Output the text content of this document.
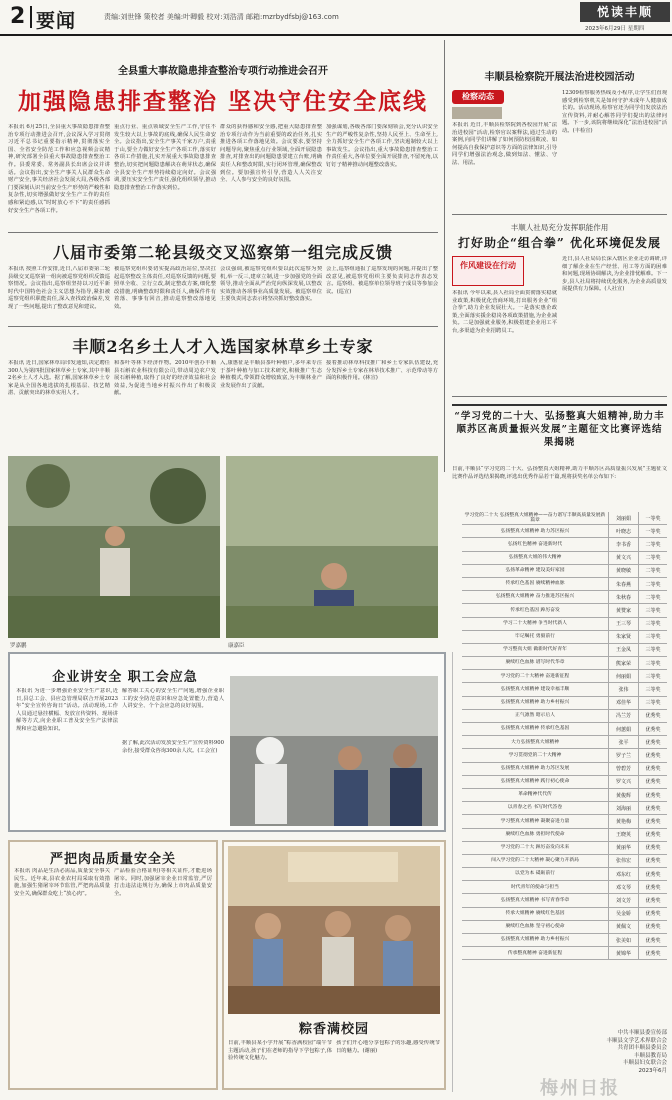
2 要闻	责编:刘世锋 策校者 美编:叶卿毅 校对:刘浩清 邮箱:mzrbydfsbj@163.com	悦读丰顺
2023年6月29日 星期四
全县重大事故隐患排查整治专项行动推进会召开
加强隐患排查整治 坚决守住安全底线
本报讯 6月25日,全县重大事故隐患排查整治专项行动推进会召开,会议深入学习贯彻习近平总书记重要指示精神,贯彻落实全国、全省安全防范工作和应急视频会议精神,研究部署全县重大事故隐患排查整治工作。县委常委、常务副县长出席会议并讲话。会议指出,安全生产事关人民群众生命财产安全,事关经济社会发展大局,各级各部门要深刻认识当前安全生产形势的严峻性和复杂性,切实增强做好安全生产工作的责任感和紧迫感,以“时时放心不下”的责任感抓好安全生产各项工作。
重点行业、重点领域安全生产工作,守住不发生较大以上事故的底线,确保人民生命安全。会议指出,安全生产事关千家万户,责重于山,要全力做好安全生产各项工作,落实好各项工作措施,扎实开展重大事故隐患排查整治,切实把问题隐患解决在萌芽状态,确保全县安全生产形势持续稳定向好。会议强调,要压实安全生产责任,强化组织领导,推动隐患排查整治工作落实到位。
群众的获得感和安全感,把重大隐患排查整治专项行动作为当前重要的政治任务,扎实推进各项工作落地见效。会议要求,要坚持问题导向,聚焦重点行业领域,全面开展隐患排查,对排查出的问题隐患要建立台账,明确责任人和整改时限,实行闭环管理,确保整改到位。要加强宣传引导,营造人人关注安全、人人参与安全的良好氛围。
加强谋划,各级各部门要深刻领会,充分认识安全生产的严峻性复杂性,坚持人民至上、生命至上,全力抓好安全生产各项工作,坚决遏制较大以上事故发生。会议指出,重大事故隐患排查整治工作责任重大,各单位要全面开展排查,不留死角,以钉钉子精神推动问题整改落实。
丰顺县检察院开展法治进校园活动
检察动态
本报讯 近日,丰顺县检察院到各校园开展“法治进校园”活动,检察官以案释法,通过生动的案例,向同学们讲解了如何预防校园欺凌、如何提高自我保护意识等方面的法律知识,引导同学们增强法治观念,做到知法、懂法、守法、用法。
12309检察服务热线及小程序,让学生们直观感受到检察机关是如何守护未成年人健康成长的。活动现场,检察官还为同学们发放法治宣传资料,并耐心解答同学们提出的法律问题。下一步,该院将继续深化“法治进校园”活动。(丰检宣)
丰顺人社局充分发挥职能作用
打好助企“组合拳” 优化环境促发展
作风建设在行动
本报讯 今年以来,县人社局全面贯彻落实稳就业政策,积极优化营商环境,打出服务企业“组合拳”,助力企业发展壮大。一是落实惠企政策,全面落实援企稳岗各项政策措施,为企业减负。二是加强就业服务,积极搭建企业用工平台,多渠道为企业招聘员工。
近日,县人社局局长深入辖区企业走访调研,详细了解企业在生产经营、用工等方面的困难和问题,现场协调解决,为企业排忧解难。下一步,县人社局将持续优化服务,为企业高质量发展提供有力保障。(人社宣)
八届市委第二轮县级交叉巡察第一组完成反馈
本报讯 按照工作安排,近日,八届市委第二轮县级交叉巡察第一组向被巡察党组织反馈巡察情况。会议指出,巡察组坚持以习近平新时代中国特色社会主义思想为指导,紧扣被巡察党组织职能责任,深入查找政治偏差,发现了一些问题,提出了整改意见和建议。
被巡察党组织要切实提高政治站位,坚决扛起巡察整改主体责任,对巡察反馈的问题,要照单全收、立行立改,制定整改方案,细化整改措施,明确整改时限和责任人,确保件件有着落、事事有回音,推动巡察整改落地见效。
会议强调,被巡察党组织要以此次巡察为契机,举一反三,建章立制,进一步加强党的全面领导,推动全面从严治党向纵深发展,以整改实效推动各项事业高质量发展。被巡察单位主要负责同志表示将坚决抓好整改落实。
会上,巡察组通报了巡察发现的问题,并提出了整改意见,被巡察党组织主要负责同志作表态发言。巡察组、被巡察单位领导班子成员等参加会议。(巡宣)
丰顺2名乡土人才入选国家林草乡土专家
本报讯 近日,国家林草局印发通知,决定聘任300人为第四批国家林草乡土专家,其中丰顺2名乡土人才入选。据了解,国家林草乡土专家是从全国各地选拔的扎根基层、技艺精湛、贡献突出的林草实用人才。
和茶叶等林下经济作物。2010年创办丰顺县石斛农业科技有限公司,带动周边农户发展石斛种植,取得了良好的经济效益和社会效益,为促进当地乡村振兴作出了积极贡献。
入,康惠征是丰顺县茶叶种植户,多年来专注于茶叶种植与加工技术研究,积极推广生态种植模式,带领群众增收致富,为丰顺林业产业发展作出了贡献。
接着推动林草科技推广和乡土专家队伍建设,充分发挥乡土专家在林草技术推广、示范带动等方面的积极作用。(林宣)
罗嘉鹏	康嘉臣
“学习党的二十大、弘扬整真大姐精神,助力丰顺苏区高质量振兴发展”主题征文比赛评选结果揭晓
日前,丰顺县“学习党的二十大、弘扬整真大姐精神,助力丰顺苏区高质量振兴发展”主题征文比赛作品评选结果揭晓,评选出优秀作品若干篇,现将获奖名单公布如下:
学习党的二十大 弘扬整真大姐精神——奋力谱写丰顺高质量发展新篇章	刘丽娟	一等奖
弘扬整真大姐精神 助力苏区振兴	叶晓志	一等奖
弘扬红色精神 奋进新时代	李书香	二等奖
弘扬整真大姐的伟大精神	黄文兴	二等奖
弘扬革命精神 建设美好家园	黄晓敏	二等奖
传承红色基因 赓续精神血脉	朱春燕	二等奖
弘扬整真大姐精神 奋力推进苏区振兴	朱秋春	二等奖
传承红色基因 踔厉奋发	黄赞家	三等奖
学习二十大精神 争当时代新人	王三琴	三等奖
牢记嘱托 勇毅前行	朱家贤	三等奖
学习整真大姐 做新时代好青年	王金凤	三等奖
赓续红色血脉 谱写时代华章	熊家荣	三等奖
学习党的二十大精神 奋进新征程	何丽娟	三等奖
弘扬整真大姐精神 建设幸福丰顺	张伟	三等奖
弘扬整真大姐精神 助力乡村振兴	邓佳华	三等奖
正气凛然 昭示后人	冯兰芳	优秀奖
弘扬整真大姐精神 传承红色基因	何蕙娟	优秀奖
大力弘扬整真大姐精神	张平	优秀奖
学习贯彻党的二十大精神	罗子兰	优秀奖
弘扬整真大姐精神 助力苏区发展	曾碧芳	优秀奖
弘扬整真大姐精神 践行初心使命	罗文兴	优秀奖
革命精神代代传	黄俊辉	优秀奖
以青春之名 书写时代答卷	刘海丽	优秀奖
学习整真大姐精神 凝聚奋进力量	黄艳梅	优秀奖
赓续红色血脉 勇担时代使命	王晓英	优秀奖
学习党的二十大 踔厉奋发向未来	黄丽华	优秀奖
闯入学习党的二十大精神 凝心聚力开新局	张伟宏	优秀奖
以党为本 砥砺前行	邓东红	优秀奖
时代青年的使命与担当	邓文琴	优秀奖
弘扬整真大姐精神 书写青春华章	刘文芳	优秀奖
传承大姐精神 赓续红色基因	吴金娇	优秀奖
赓续红色血脉 坚守初心使命	黄佩文	优秀奖
弘扬整真大姐精神 助力乡村振兴	张美如	优秀奖
传承整真精神 奋进新征程	黄锦华	优秀奖
中共丰顺县委宣传部
丰顺县文学艺术界联合会
共青团丰顺县委员会
丰顺县教育局
丰顺县妇女联合会
2023年6月
梅州日报
企业讲安全 职工会应急
本报讯 为进一步增强企业安全生产意识,近日,县总工会、县应急管理局联合开展2023年“安全宣传咨询日”活动。活动现场,工作人员通过悬挂横幅、发放宣传资料、现场讲解等方式,向企业职工普及安全生产法律法规和应急避险知识。
解答职工关心的安全生产问题,增强企业职工的安全防范意识和应急处置能力,营造人人讲安全、个个会应急的良好氛围。
据了解,此次活动发放安全生产宣传资料900余份,接受群众咨询300余人次。(工会宣)
严把肉品质量安全关
本报讯 肉品是生活必需品,质量安全事关民生。近年来,县农业农村局采取有效措施,加强生猪屠宰环节监管,严把肉品质量安全关,确保群众吃上“放心肉”。
产品检验合格证明)等相关证件,才能进场屠宰。同时,加强屠宰企业日常监管,严厉打击违法违规行为,确保上市肉品质量安全。
粽香满校园
日前,丰顺县某小学开展“粽香满校园”端午节主题活动,孩子们在老师的指导下学包粽子,体验传统文化魅力。
孩子们开心地分享包粽子的乐趣,感受传统节日的魅力。(谢丽)
